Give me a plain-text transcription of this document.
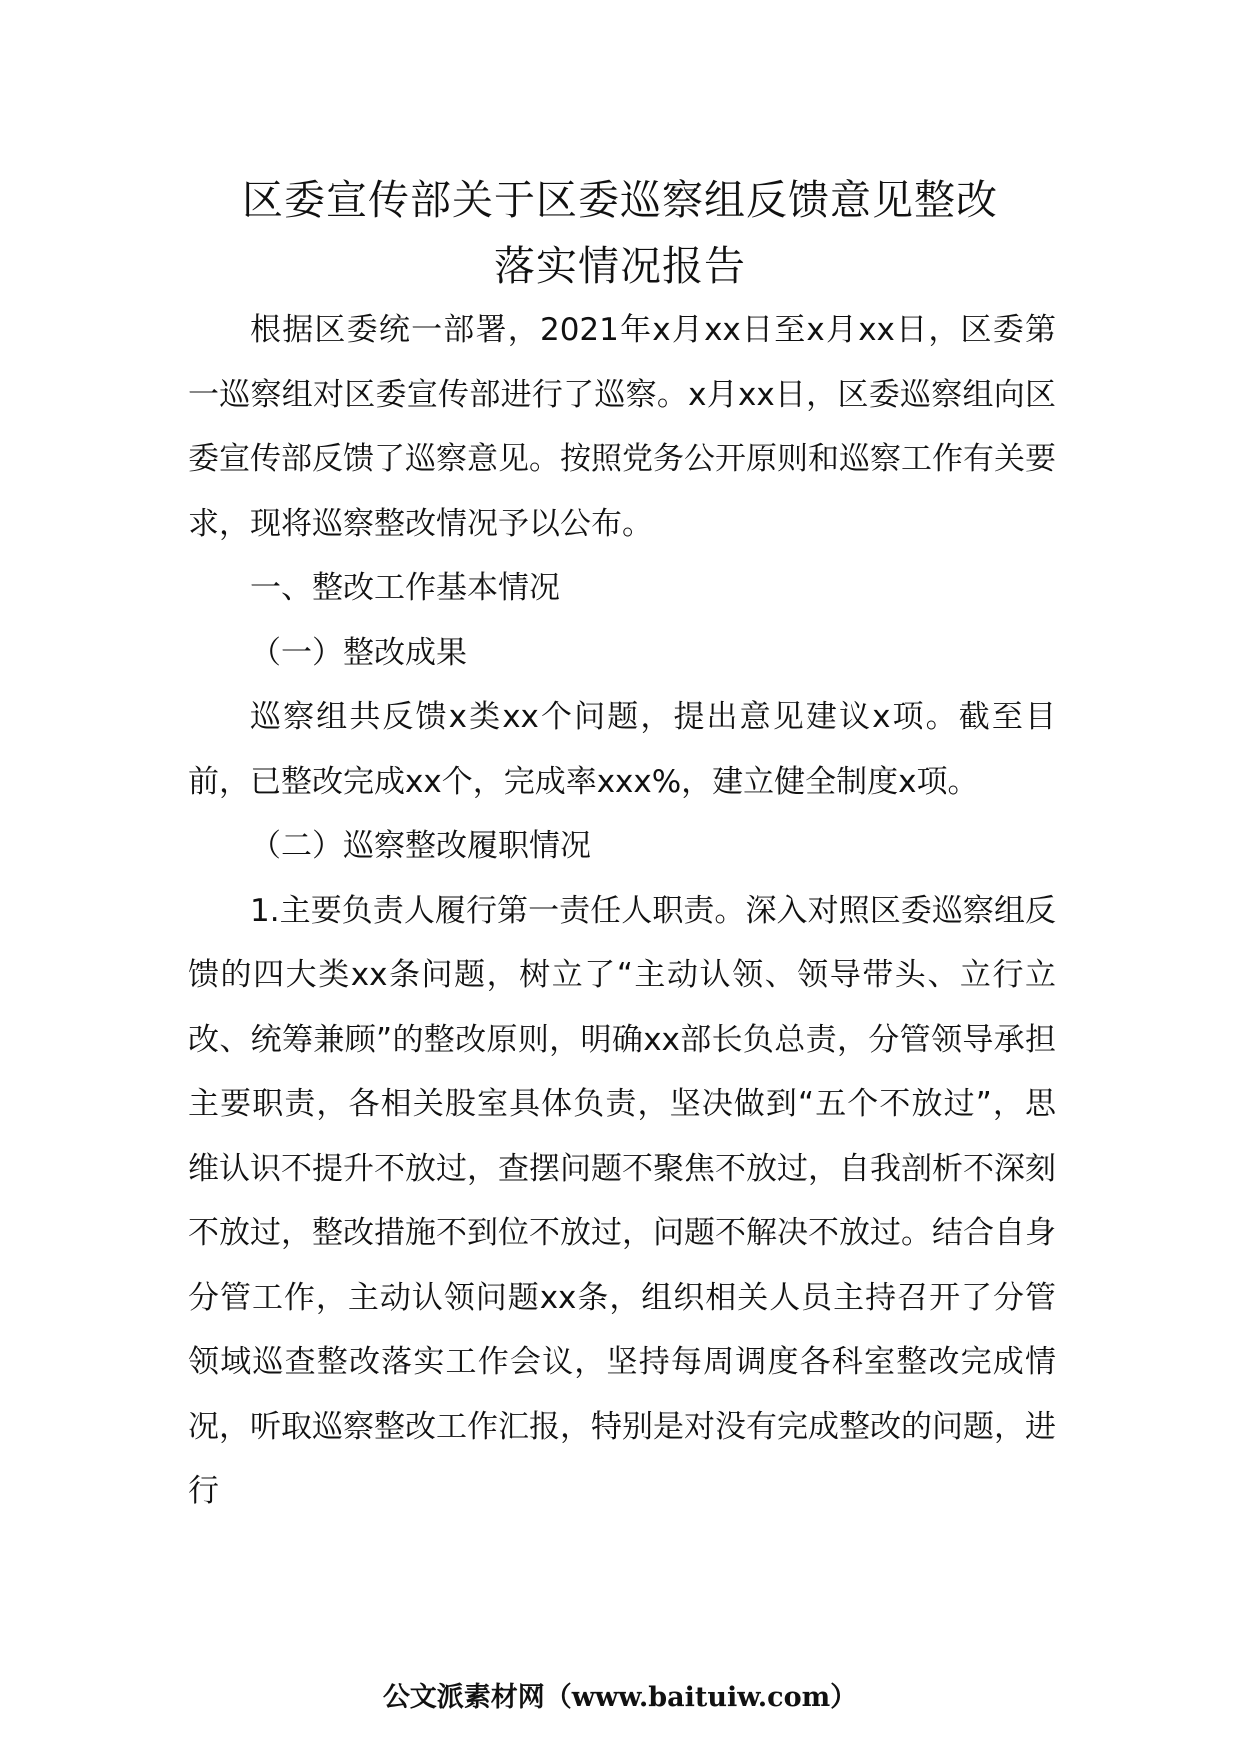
区委宣传部关于区委巡察组反馈意见整改
落实情况报告

根据区委统一部署，2021年x月xx日至x月xx日，区委第一巡察组对区委宣传部进行了巡察。x月xx日，区委巡察组向区委宣传部反馈了巡察意见。按照党务公开原则和巡察工作有关要求，现将巡察整改情况予以公布。

一、整改工作基本情况

（一）整改成果

巡察组共反馈x类xx个问题，提出意见建议x项。截至目前，已整改完成xx个，完成率xxx%，建立健全制度x项。

（二）巡察整改履职情况

1.主要负责人履行第一责任人职责。深入对照区委巡察组反馈的四大类xx条问题，树立了“主动认领、领导带头、立行立改、统筹兼顾”的整改原则，明确xx部长负总责，分管领导承担主要职责，各相关股室具体负责，坚决做到“五个不放过”，思维认识不提升不放过，查摆问题不聚焦不放过，自我剖析不深刻不放过，整改措施不到位不放过，问题不解决不放过。结合自身分管工作，主动认领问题xx条，组织相关人员主持召开了分管领域巡查整改落实工作会议，坚持每周调度各科室整改完成情况，听取巡察整改工作汇报，特别是对没有完成整改的问题，进行

公文派素材网（www.baituiw.com）
